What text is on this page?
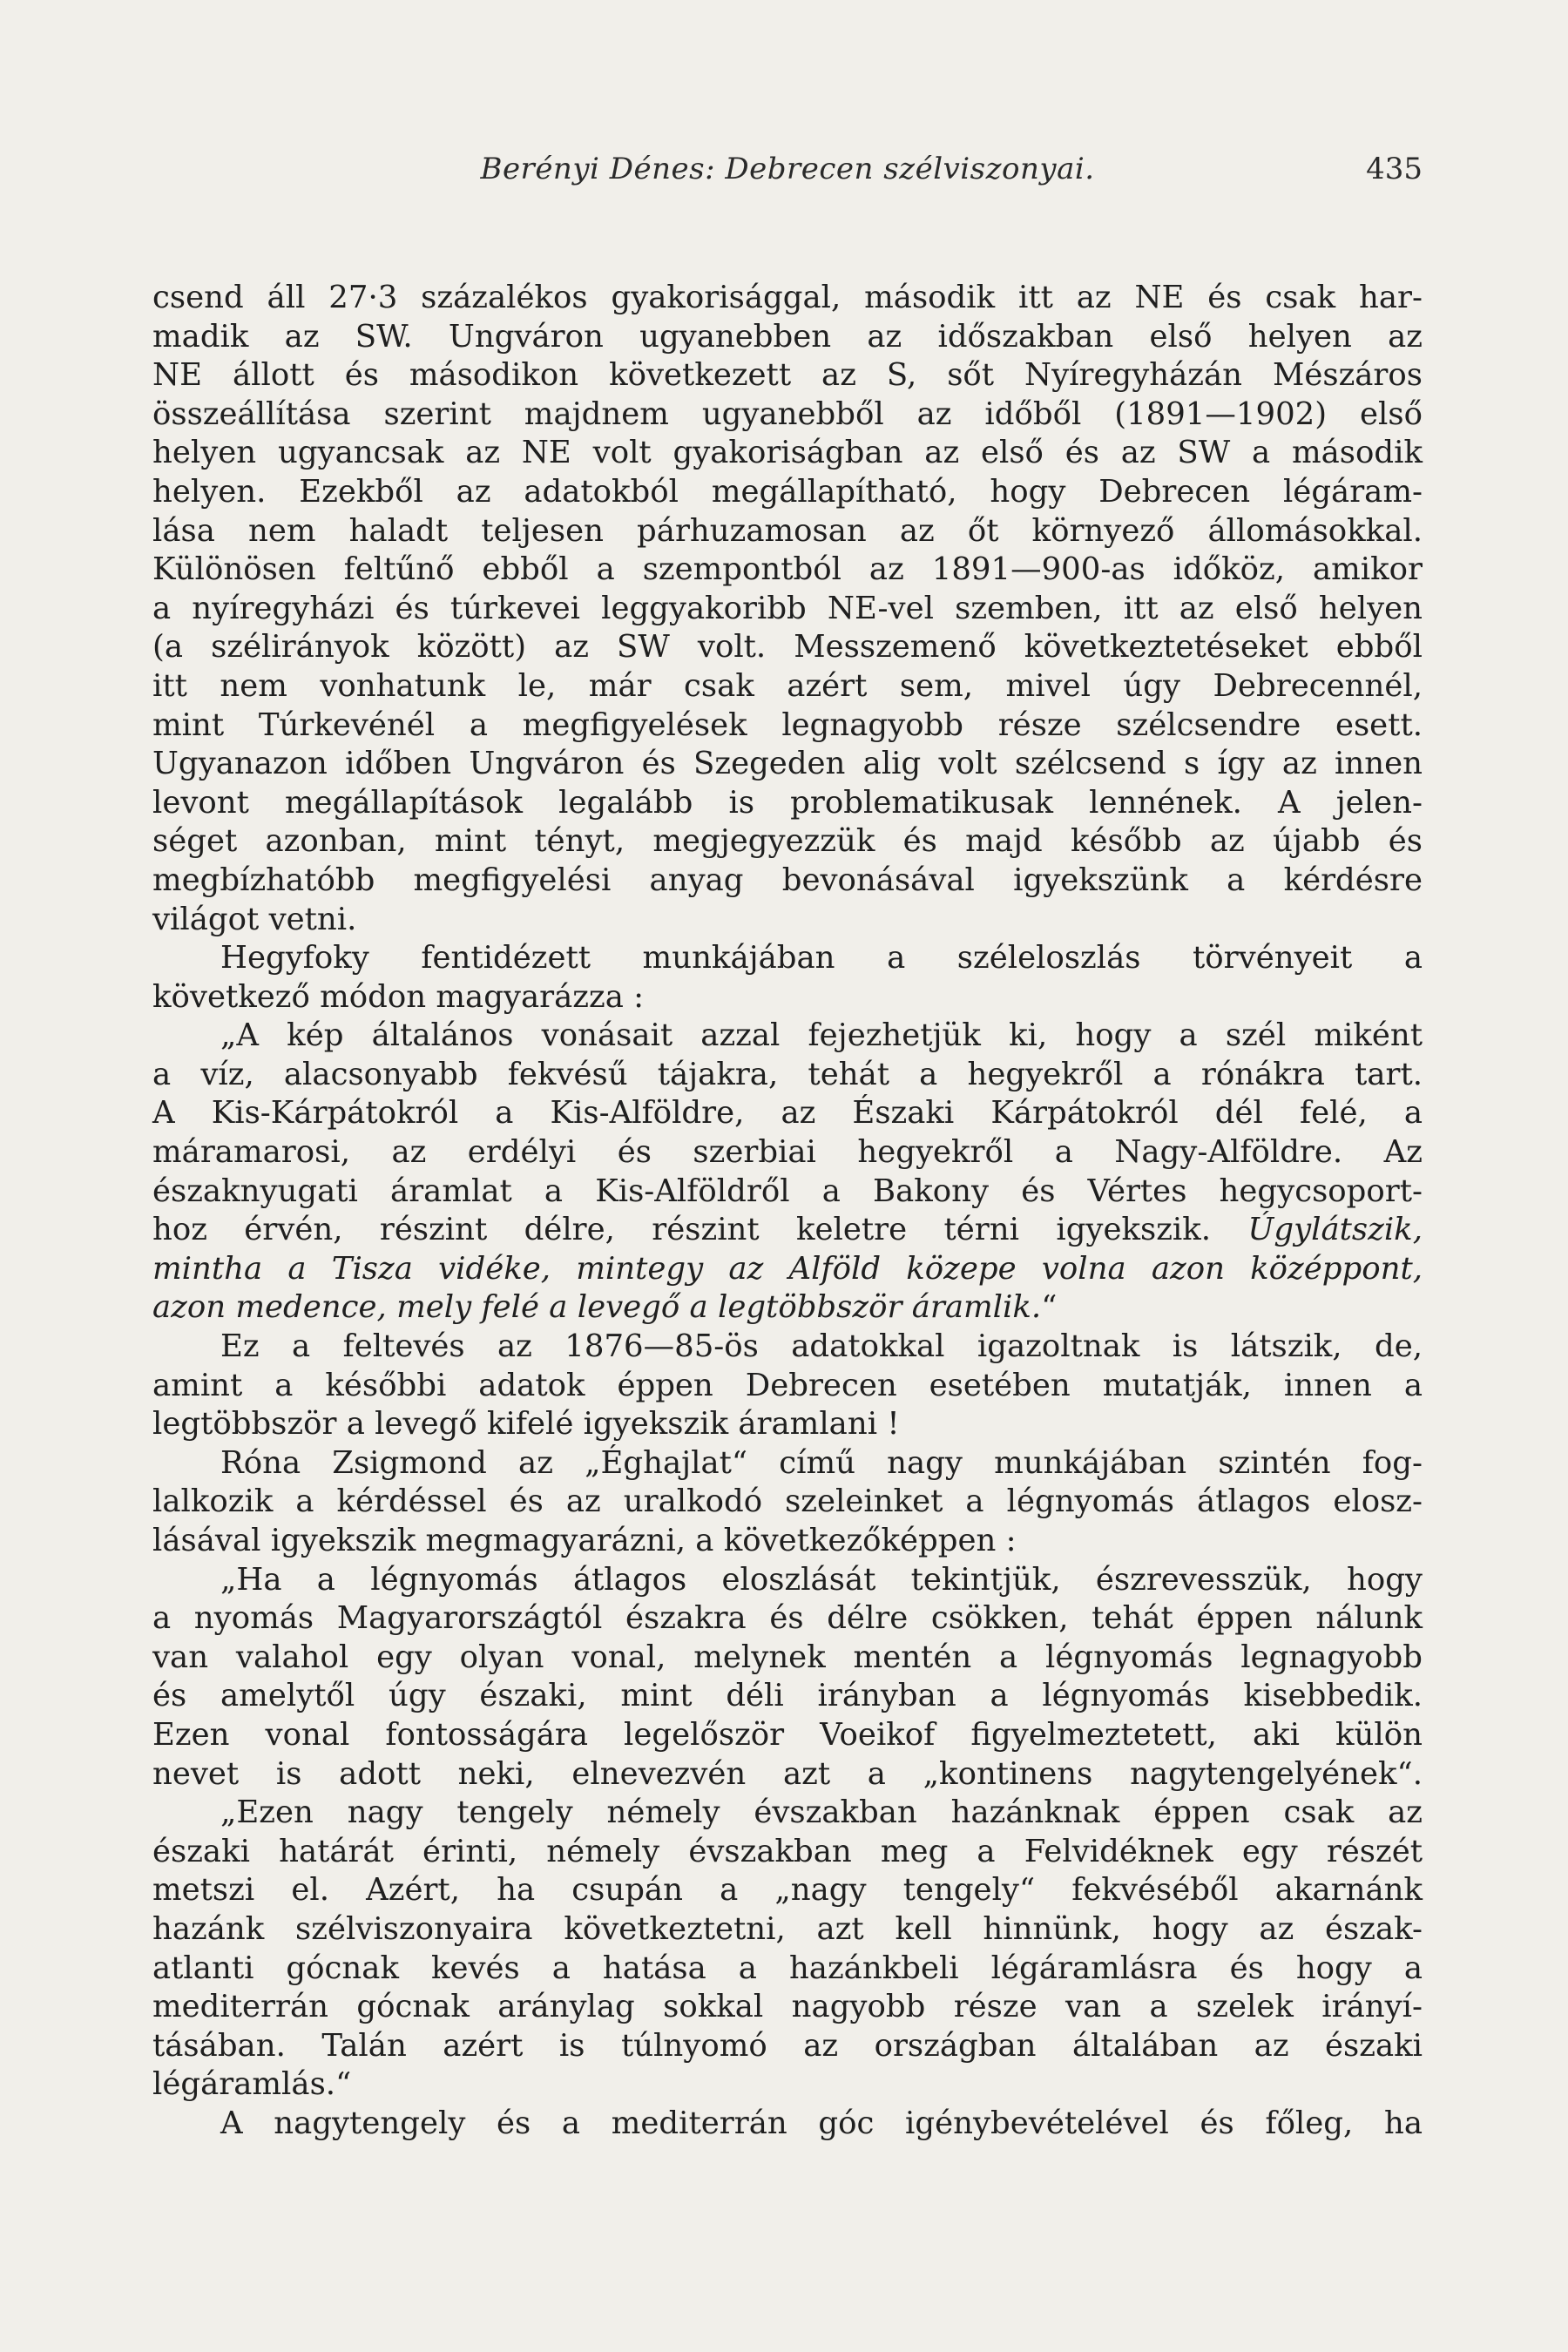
Berényi Dénes: Debrecen szélviszonyai.	435

csend áll 27·3 százalékos gyakorisággal, második itt az NE és csak har-

madik az SW. Ungváron ugyanebben az időszakban első helyen az

NE állott és másodikon következett az S, sőt Nyíregyházán Mészáros

összeállítása szerint majdnem ugyanebből az időből (1891—1902) első

helyen ugyancsak az NE volt gyakoriságban az első és az SW a második

helyen. Ezekből az adatokból megállapítható, hogy Debrecen légáram-

lása nem haladt teljesen párhuzamosan az őt környező állomásokkal.

Különösen feltűnő ebből a szempontból az 1891—900-as időköz, amikor

a nyíregyházi és túrkevei leggyakoribb NE-vel szemben, itt az első helyen

(a szélirányok között) az SW volt. Messzemenő következtetéseket ebből

itt nem vonhatunk le, már csak azért sem, mivel úgy Debrecennél,

mint Túrkevénél a megfigyelések legnagyobb része szélcsendre esett.

Ugyanazon időben Ungváron és Szegeden alig volt szélcsend s így az innen

levont megállapítások legalább is problematikusak lennének. A jelen-

séget azonban, mint tényt, megjegyezzük és majd később az újabb és

megbízhatóbb megfigyelési anyag bevonásával igyekszünk a kérdésre

világot vetni.

Hegyfoky fentidézett munkájában a széleloszlás törvényeit a

következő módon magyarázza :

„A kép általános vonásait azzal fejezhetjük ki, hogy a szél miként

a víz, alacsonyabb fekvésű tájakra, tehát a hegyekről a rónákra tart.

A Kis-Kárpátokról a Kis-Alföldre, az Északi Kárpátokról dél felé, a

máramarosi, az erdélyi és szerbiai hegyekről a Nagy-Alföldre. Az

északnyugati áramlat a Kis-Alföldről a Bakony és Vértes hegycsoport-

hoz érvén, részint délre, részint keletre térni igyekszik. Úgylátszik,

mintha a Tisza vidéke, mintegy az Alföld közepe volna azon középpont,

azon medence, mely felé a levegő a legtöbbször áramlik.“

Ez a feltevés az 1876—85-ös adatokkal igazoltnak is látszik, de,

amint a későbbi adatok éppen Debrecen esetében mutatják, innen a

legtöbbször a levegő kifelé igyekszik áramlani !

Róna Zsigmond az „Éghajlat“ című nagy munkájában szintén fog-

lalkozik a kérdéssel és az uralkodó szeleinket a légnyomás átlagos elosz-

lásával igyekszik megmagyarázni, a következőképpen :

„Ha a légnyomás átlagos eloszlását tekintjük, észrevesszük, hogy

a nyomás Magyarországtól északra és délre csökken, tehát éppen nálunk

van valahol egy olyan vonal, melynek mentén a légnyomás legnagyobb

és amelytől úgy északi, mint déli irányban a légnyomás kisebbedik.

Ezen vonal fontosságára legelőször Voeikof figyelmeztetett, aki külön

nevet is adott neki, elnevezvén azt a „kontinens nagytengelyének“.

„Ezen nagy tengely némely évszakban hazánknak éppen csak az

északi határát érinti, némely évszakban meg a Felvidéknek egy részét

metszi el. Azért, ha csupán a „nagy tengely“ fekvéséből akarnánk

hazánk szélviszonyaira következtetni, azt kell hinnünk, hogy az észak-

atlanti gócnak kevés a hatása a hazánkbeli légáramlásra és hogy a

mediterrán gócnak aránylag sokkal nagyobb része van a szelek irányí-

tásában. Talán azért is túlnyomó az országban általában az északi

légáramlás.“

A nagytengely és a mediterrán góc igénybevételével és főleg, ha
